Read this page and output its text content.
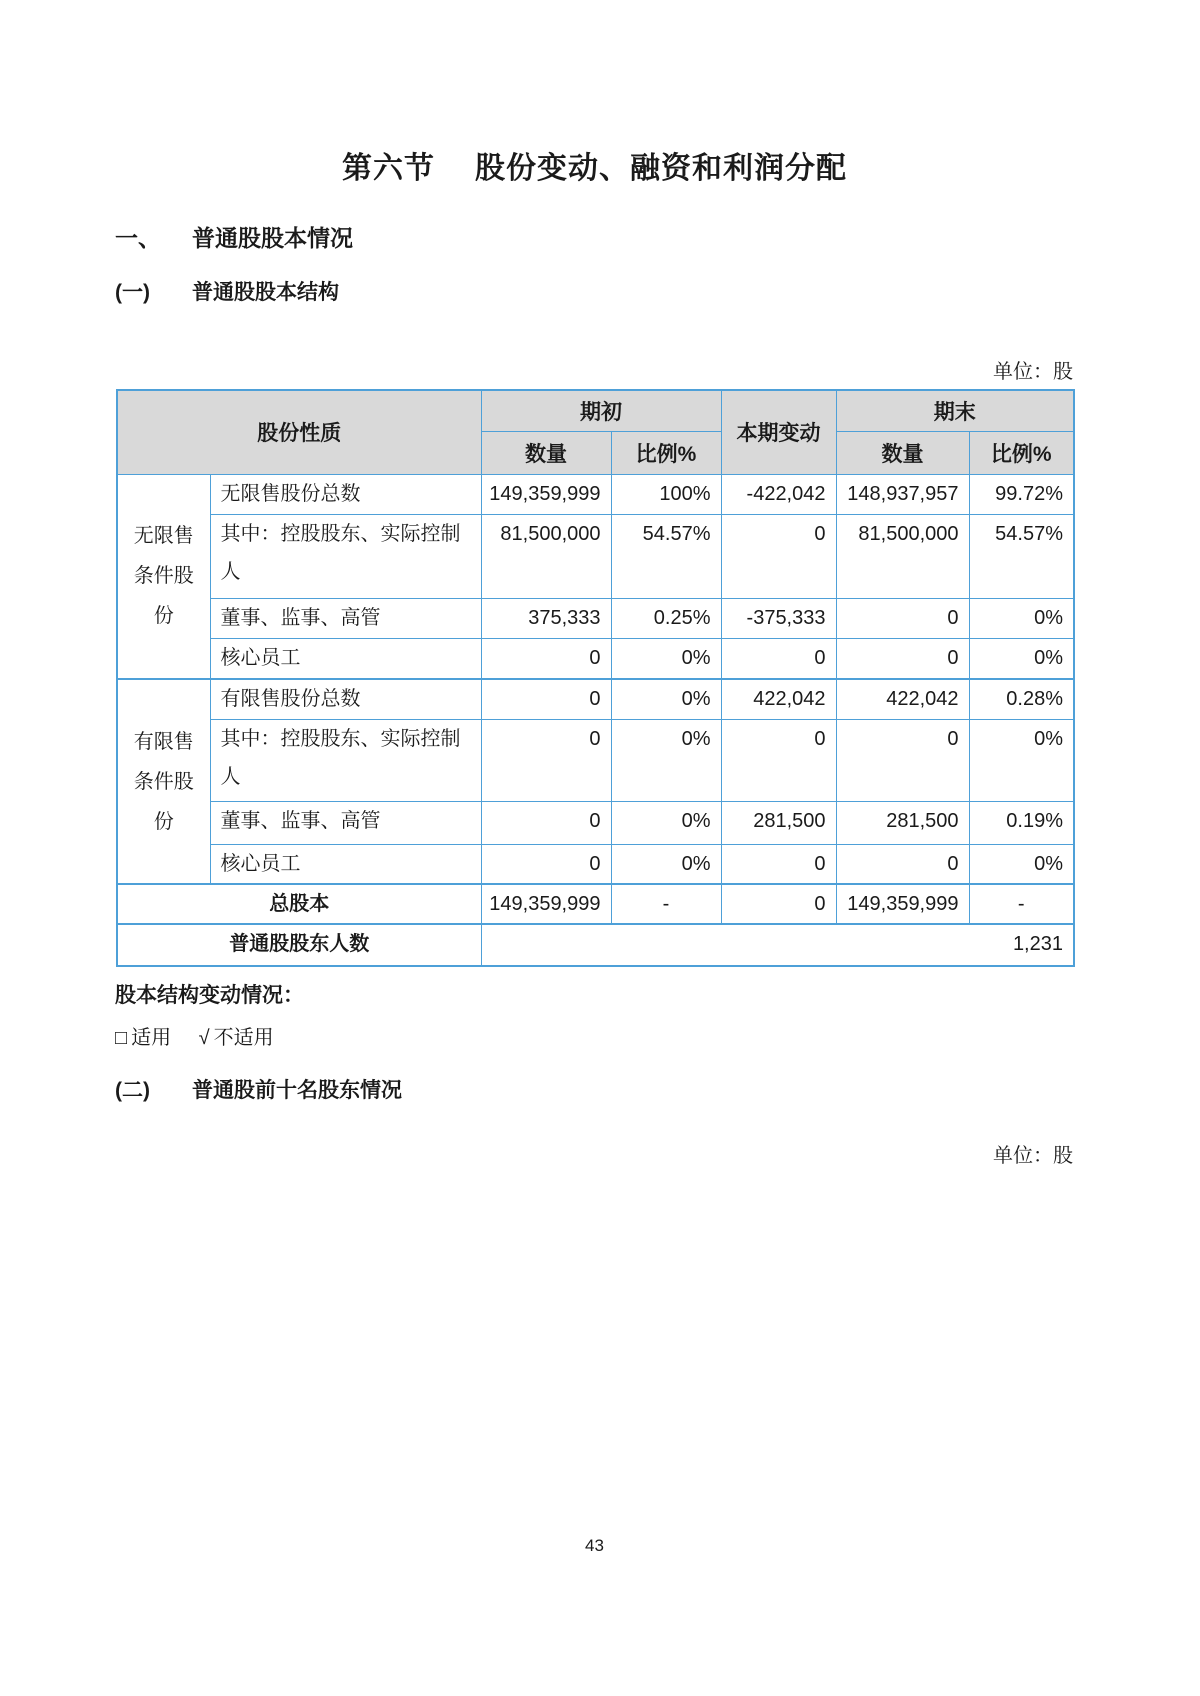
第六节 股份变动、融资和利润分配
一、 普通股股本情况
(一) 普通股股本结构
单位：股
股份性质		期初		本期变动	期末	
		数量	比例%		数量	比例%
无限售条件股份	无限售股份总数	149,359,999	100%	-422,042	148,937,957	99.72%
	其中：控股股东、实际控制人	81,500,000	54.57%	0	81,500,000	54.57%
	董事、监事、高管	375,333	0.25%	-375,333	0	0%
	核心员工	0	0%	0	0	0%
有限售条件股份	有限售股份总数	0	0%	422,042	422,042	0.28%
	其中：控股股东、实际控制人	0	0%	0	0	0%
	董事、监事、高管	0	0%	281,500	281,500	0.19%
	核心员工	0	0%	0	0	0%
总股本		149,359,999	-	0	149,359,999	-
普通股股东人数		1,231				
股本结构变动情况：
□ 适用 √ 不适用
(二) 普通股前十名股东情况
单位：股
43
